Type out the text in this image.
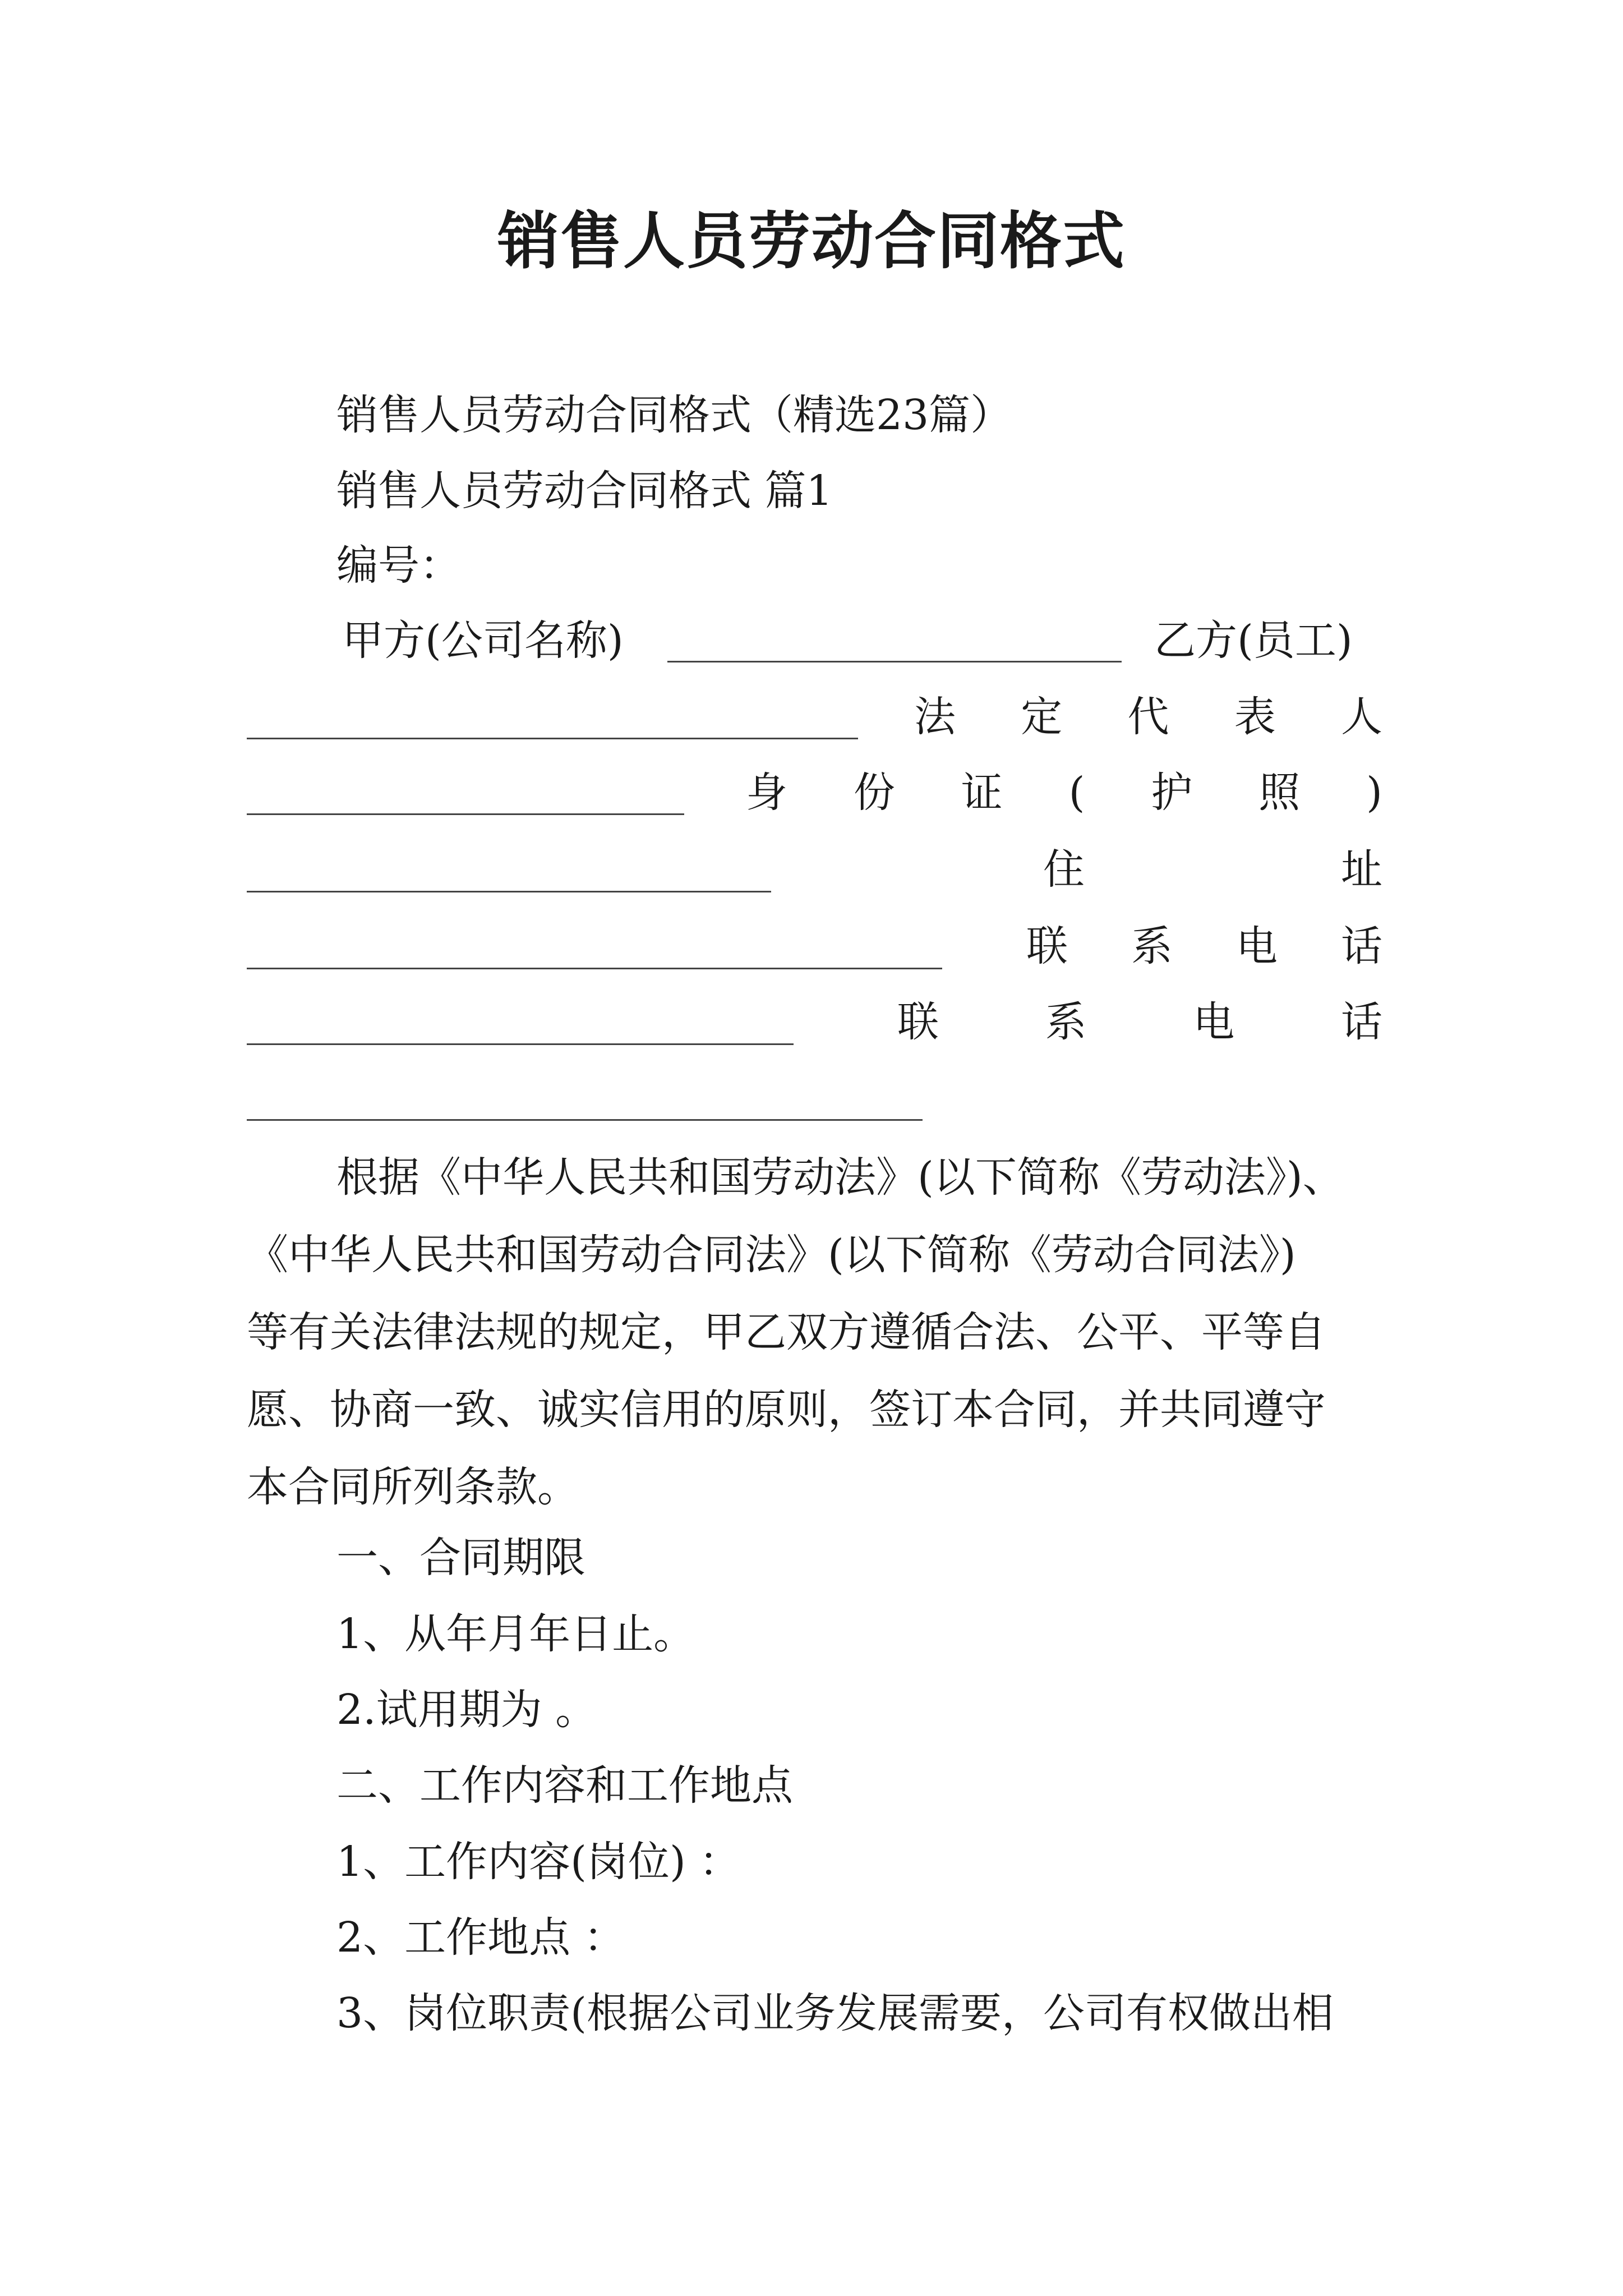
销售人员劳动合同格式
销售人员劳动合同格式（精选23篇）
销售人员劳动合同格式 篇1
编号：
甲方(公司名称)	乙方(员工)
法 定 代 表 人
身 份 证 ( 护 照 )
住	址
联 系 电 话
联	系	电	话
根据《中华人民共和国劳动法》(以下简称《劳动法》)、
《中华人民共和国劳动合同法》(以下简称《劳动合同法》)
等有关法律法规的规定，甲乙双方遵循合法、公平、平等自
愿、协商一致、诚实信用的原则，签订本合同，并共同遵守
本合同所列条款。
一、合同期限
1、从年月年日止。
2.试用期为 。
二、工作内容和工作地点
1、工作内容(岗位) ：
2、工作地点 ：
3、岗位职责(根据公司业务发展需要，公司有权做出相
